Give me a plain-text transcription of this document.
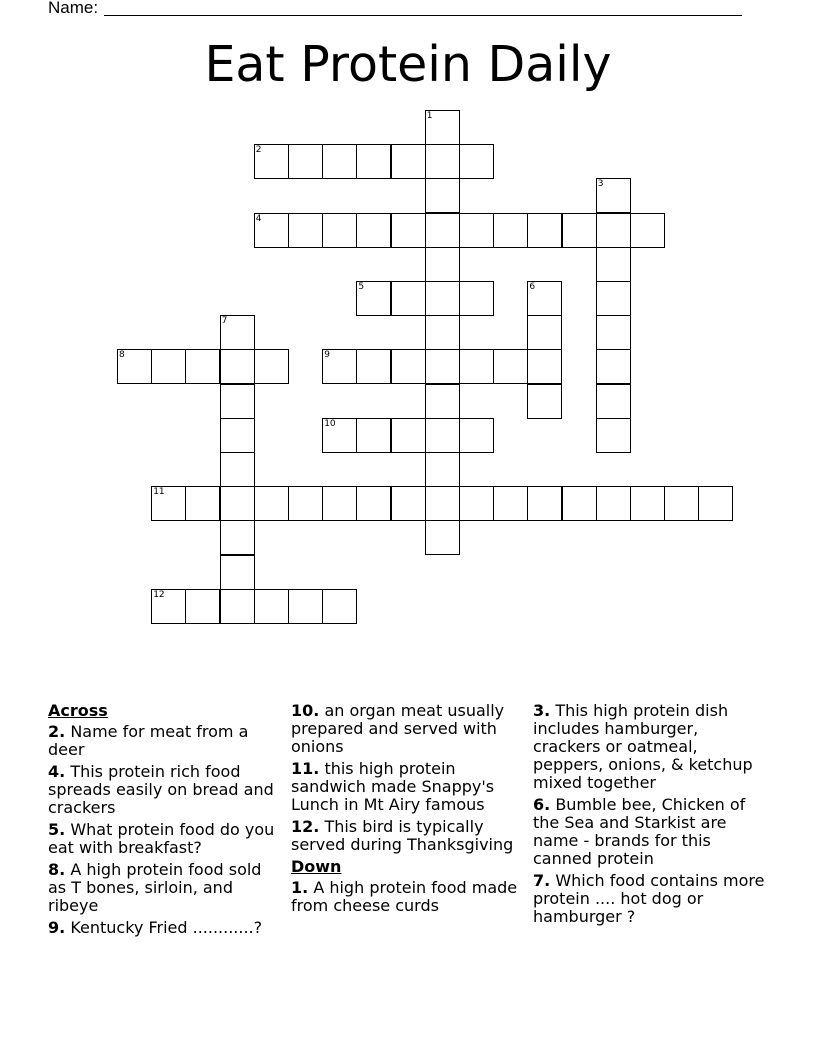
Name:
Eat Protein Daily
1
2
3
4
5	6
7
8	9
10
11
12
Across
2. Name for meat from a deer
4. This protein rich food spreads easily on bread and crackers
5. What protein food do you eat with breakfast?
8. A high protein food sold as T bones, sirloin, and ribeye
9. Kentucky Fried ............?
10. an organ meat usually prepared and served with onions
11. this high protein sandwich made Snappy's Lunch in Mt Airy famous
12. This bird is typically served during Thanksgiving
Down
1. A high protein food made from cheese curds
3. This high protein dish includes hamburger, crackers or oatmeal, peppers, onions, & ketchup mixed together
6. Bumble bee, Chicken of the Sea and Starkist are name - brands for this canned protein
7. Which food contains more protein .... hot dog or hamburger ?
